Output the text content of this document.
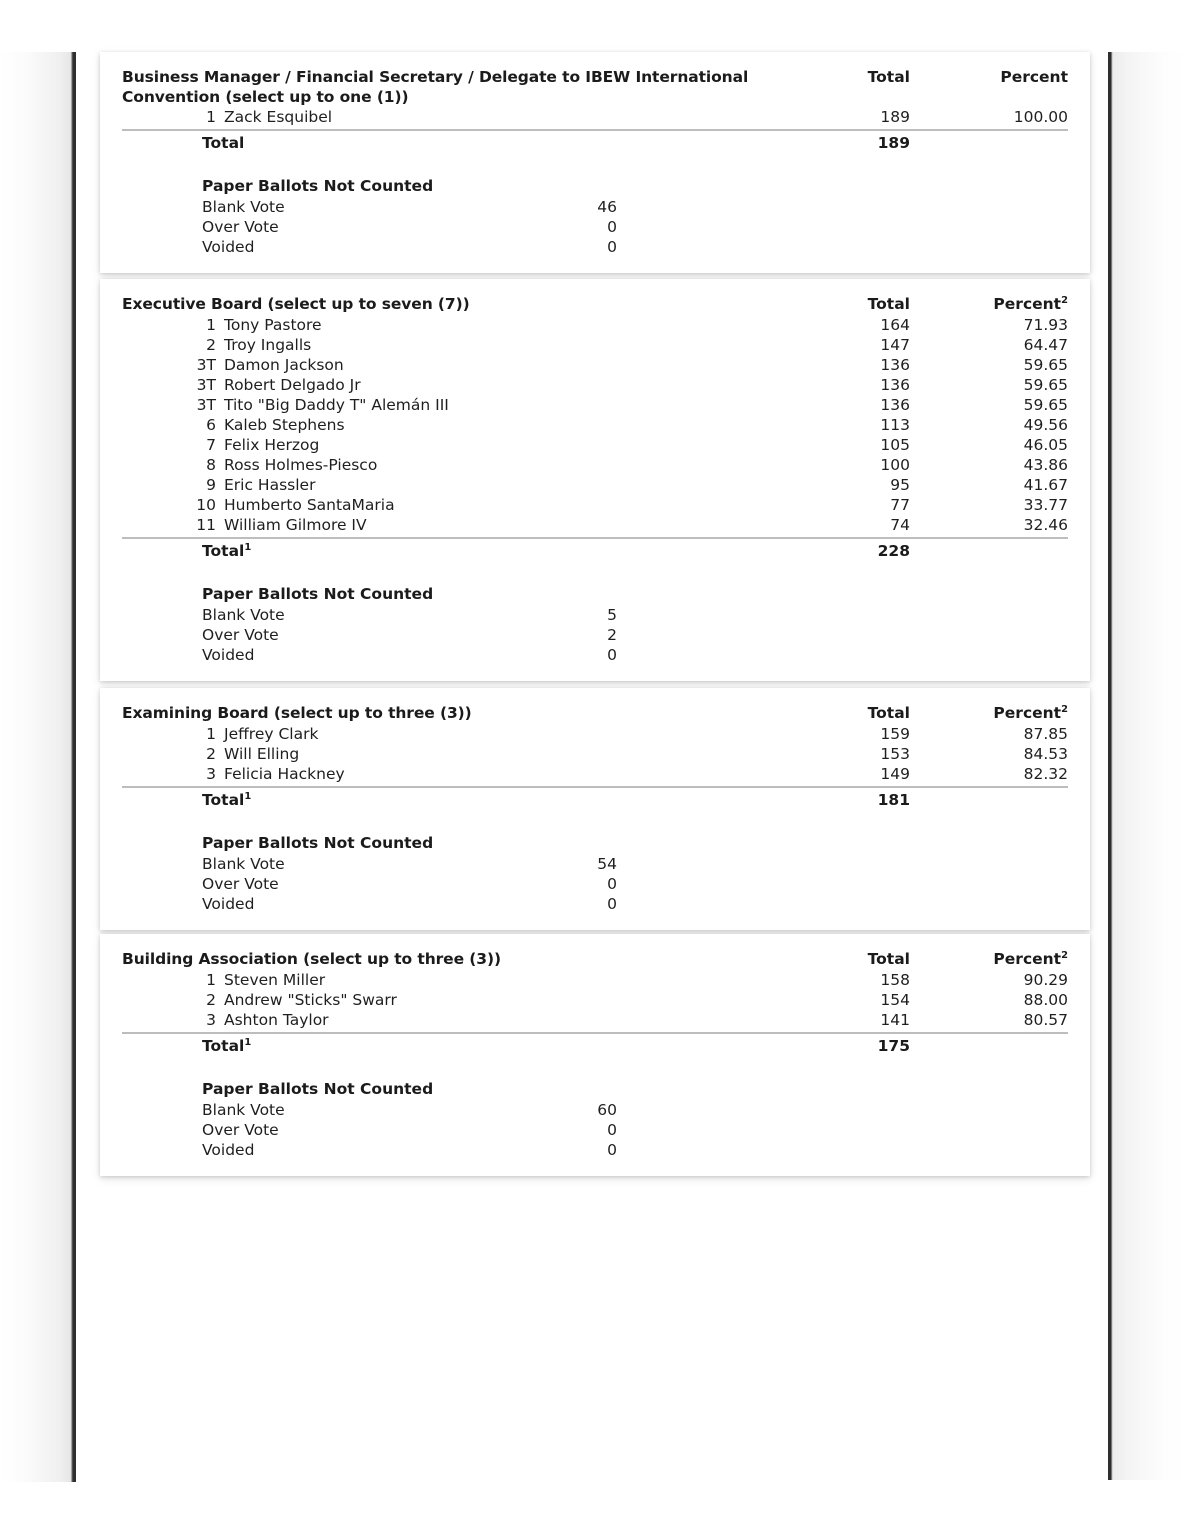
Business Manager / Financial Secretary / Delegate to IBEW International Convention (select up to one (1))
Total	Percent
1	Zack Esquibel	189	100.00
Total	189
Paper Ballots Not Counted
Blank Vote	46
Over Vote	0
Voided	0
Executive Board (select up to seven (7))	Total	Percent$^2$
1	Tony Pastore	164	71.93
2	Troy Ingalls	147	64.47
3T	Damon Jackson	136	59.65
3T	Robert Delgado Jr	136	59.65
3T	Tito "Big Daddy T" Alemán III	136	59.65
6	Kaleb Stephens	113	49.56
7	Felix Herzog	105	46.05
8	Ross Holmes-Piesco	100	43.86
9	Eric Hassler	95	41.67
10	Humberto SantaMaria	77	33.77
11	William Gilmore IV	74	32.46
Total$^1$	228
Paper Ballots Not Counted
Blank Vote	5
Over Vote	2
Voided	0
Examining Board (select up to three (3))	Total	Percent$^2$
1	Jeffrey Clark	159	87.85
2	Will Elling	153	84.53
3	Felicia Hackney	149	82.32
Total$^1$	181
Paper Ballots Not Counted
Blank Vote	54
Over Vote	0
Voided	0
Building Association (select up to three (3))	Total	Percent$^2$
1	Steven Miller	158	90.29
2	Andrew "Sticks" Swarr	154	88.00
3	Ashton Taylor	141	80.57
Total$^1$	175
Paper Ballots Not Counted
Blank Vote	60
Over Vote	0
Voided	0
